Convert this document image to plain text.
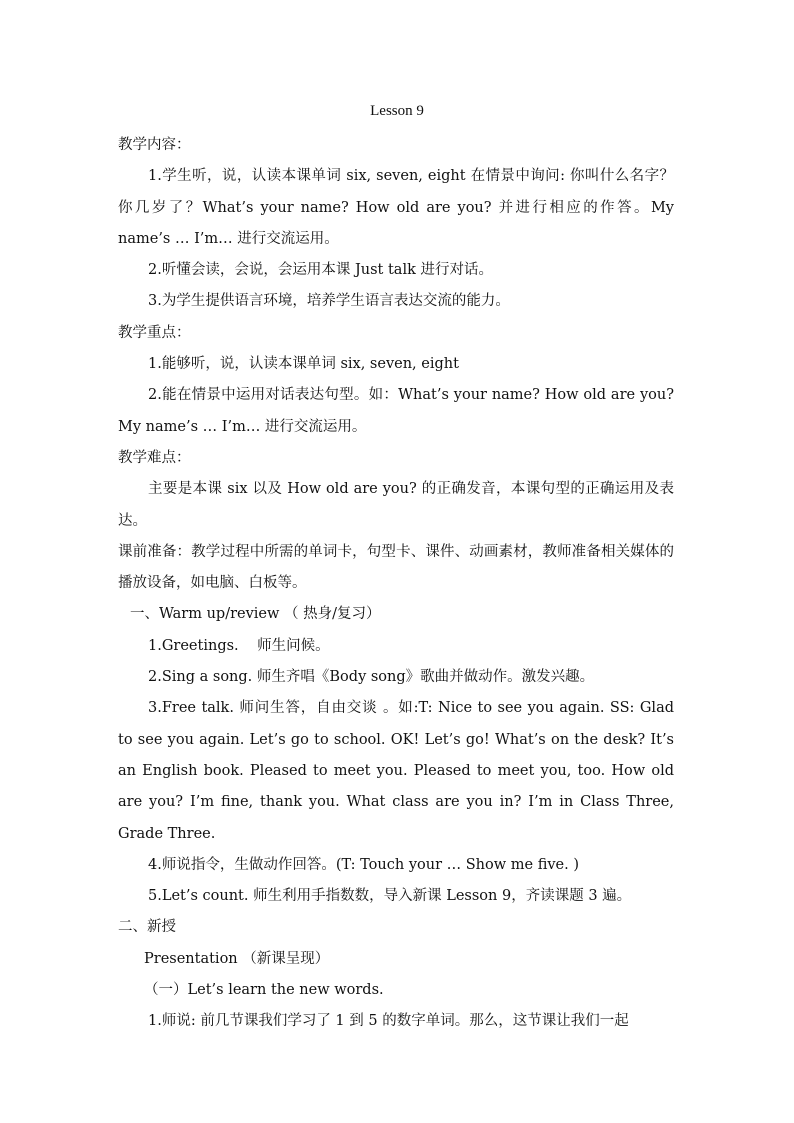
Lesson 9

教学内容：

1.学生听，说，认读本课单词 six, seven, eight 在情景中询问: 你叫什么名字？你几岁了？What’s your name? How old are you? 并进行相应的作答。My name’s … I’m… 进行交流运用。

2.听懂会读，会说，会运用本课 Just talk 进行对话。

3.为学生提供语言环境，培养学生语言表达交流的能力。

教学重点：

1.能够听，说，认读本课单词 six, seven, eight

2.能在情景中运用对话表达句型。如：What’s your name? How old are you? My name’s … I’m… 进行交流运用。

教学难点：

主要是本课 six 以及 How old are you? 的正确发音，本课句型的正确运用及表达。

课前准备：教学过程中所需的单词卡，句型卡、课件、动画素材，教师准备相关媒体的播放设备，如电脑、白板等。

一、Warm up/review （ 热身/复习）

1.Greetings.    师生问候。

2.Sing a song. 师生齐唱《Body song》歌曲并做动作。激发兴趣。

3.Free talk. 师问生答，自由交谈 。如:T: Nice to see you again. SS: Glad to see you again. Let’s go to school. OK! Let’s go! What’s on the desk? It’s an English book. Pleased to meet you. Pleased to meet you, too. How old are you? I’m fine, thank you. What class are you in? I’m in Class Three, Grade Three.

4.师说指令，生做动作回答。(T: Touch your … Show me five. )

5.Let’s count. 师生利用手指数数，导入新课 Lesson 9，齐读课题 3 遍。

二、新授

Presentation （新课呈现）

（一）Let’s learn the new words.

1.师说: 前几节课我们学习了 1 到 5 的数字单词。那么，这节课让我们一起
